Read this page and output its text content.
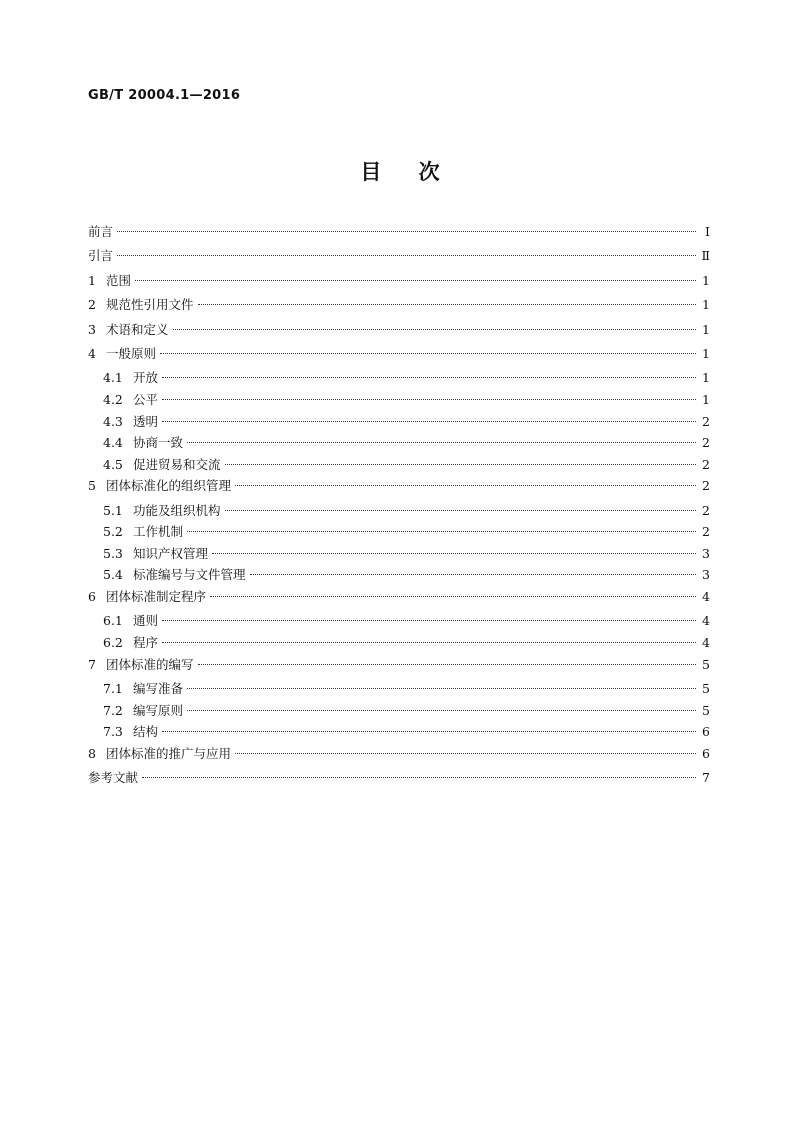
GB/T 20004.1—2016
目 次
前言	Ⅰ
引言	Ⅱ
1 范围	1
2 规范性引用文件	1
3 术语和定义	1
4 一般原则	1
4.1 开放	1
4.2 公平	1
4.3 透明	2
4.4 协商一致	2
4.5 促进贸易和交流	2
5 团体标准化的组织管理	2
5.1 功能及组织机构	2
5.2 工作机制	2
5.3 知识产权管理	3
5.4 标准编号与文件管理	3
6 团体标准制定程序	4
6.1 通则	4
6.2 程序	4
7 团体标准的编写	5
7.1 编写准备	5
7.2 编写原则	5
7.3 结构	6
8 团体标准的推广与应用	6
参考文献	7
